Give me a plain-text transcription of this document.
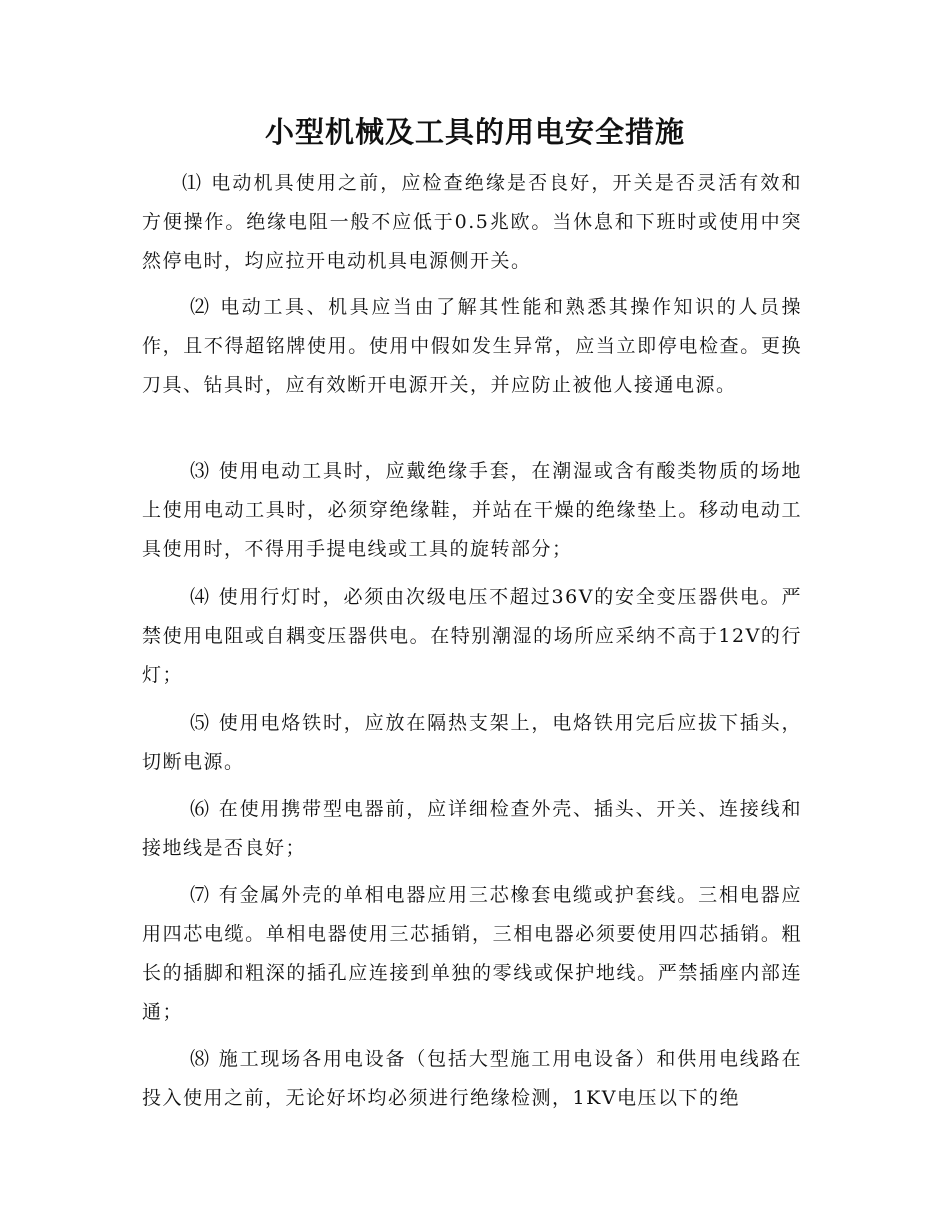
小型机械及工具的用电安全措施

⑴ 电动机具使用之前，应检查绝缘是否良好，开关是否灵活有效和方便操作。绝缘电阻一般不应低于0.5兆欧。当休息和下班时或使用中突然停电时，均应拉开电动机具电源侧开关。

⑵ 电动工具、机具应当由了解其性能和熟悉其操作知识的人员操作，且不得超铭牌使用。使用中假如发生异常，应当立即停电检查。更换刀具、钻具时，应有效断开电源开关，并应防止被他人接通电源。

⑶ 使用电动工具时，应戴绝缘手套，在潮湿或含有酸类物质的场地上使用电动工具时，必须穿绝缘鞋，并站在干燥的绝缘垫上。移动电动工具使用时，不得用手提电线或工具的旋转部分；

⑷ 使用行灯时，必须由次级电压不超过36V的安全变压器供电。严禁使用电阻或自耦变压器供电。在特别潮湿的场所应采纳不高于12V的行灯；

⑸ 使用电烙铁时，应放在隔热支架上，电烙铁用完后应拔下插头，切断电源。

⑹ 在使用携带型电器前，应详细检查外壳、插头、开关、连接线和接地线是否良好；

⑺ 有金属外壳的单相电器应用三芯橡套电缆或护套线。三相电器应用四芯电缆。单相电器使用三芯插销，三相电器必须要使用四芯插销。粗长的插脚和粗深的插孔应连接到单独的零线或保护地线。严禁插座内部连通；

⑻ 施工现场各用电设备（包括大型施工用电设备）和供用电线路在投入使用之前，无论好坏均必须进行绝缘检测，1KV电压以下的绝
